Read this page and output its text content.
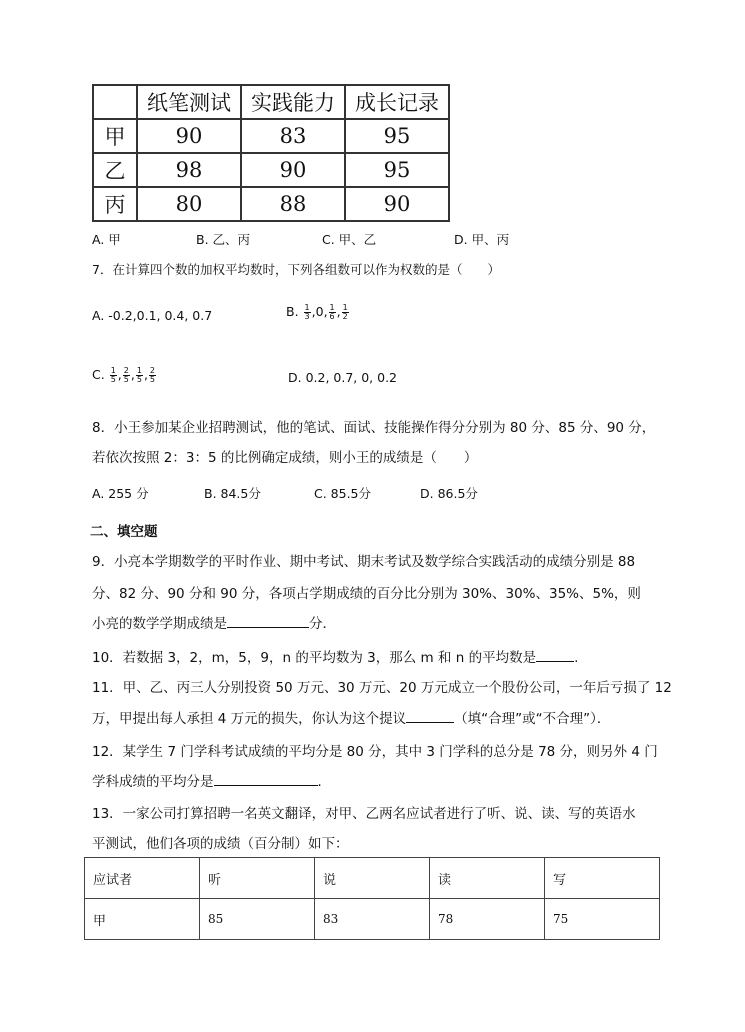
	纸笔测试	实践能力	成长记录
甲	90	83	95
乙	98	90	95
丙	80	88	90
A. 甲	B. 乙、丙	C. 甲、乙	D. 甲、丙
7．在计算四个数的加权平均数时，下列各组数可以作为权数的是（　　）
A. -0.2,0.1, 0.4, 0.7	B. $\frac{1}{3} ,0$, $\frac{1}{6}$ , $\frac{1}{2}$
C. $\frac{1}{5}$ , $\frac{2}{5}$ , $\frac{1}{5}$ , $\frac{2}{5}$	D. 0.2, 0.7, 0, 0.2
8．小王参加某企业招聘测试，他的笔试、面试、技能操作得分分别为 80 分、85 分、90 分，
若依次按照 2：3：5 的比例确定成绩，则小王的成绩是（　　）
A. 255 分	B. 84.5分	C. 85.5分	D. 86.5分
二、填空题
9．小亮本学期数学的平时作业、期中考试、期末考试及数学综合实践活动的成绩分别是 88
分、82 分、90 分和 90 分，各项占学期成绩的百分比分别为 30%、30%、35%、5%，则
小亮的数学学期成绩是	分．
10．若数据 3，2，m，5，9，n 的平均数为 3，那么 m 和 n 的平均数是	.
11．甲、乙、丙三人分别投资 50 万元、30 万元、20 万元成立一个股份公司，一年后亏损了 12
万，甲提出每人承担 4 万元的损失，你认为这个提议	（填“合理”或“不合理”）．
12．某学生 7 门学科考试成绩的平均分是 80 分，其中 3 门学科的总分是 78 分，则另外 4 门
学科成绩的平均分是	．
13．一家公司打算招聘一名英文翻译，对甲、乙两名应试者进行了听、说、读、写的英语水
平测试，他们各项的成绩（百分制）如下：
应试者	听	说	读	写
甲	85	83	78	75
